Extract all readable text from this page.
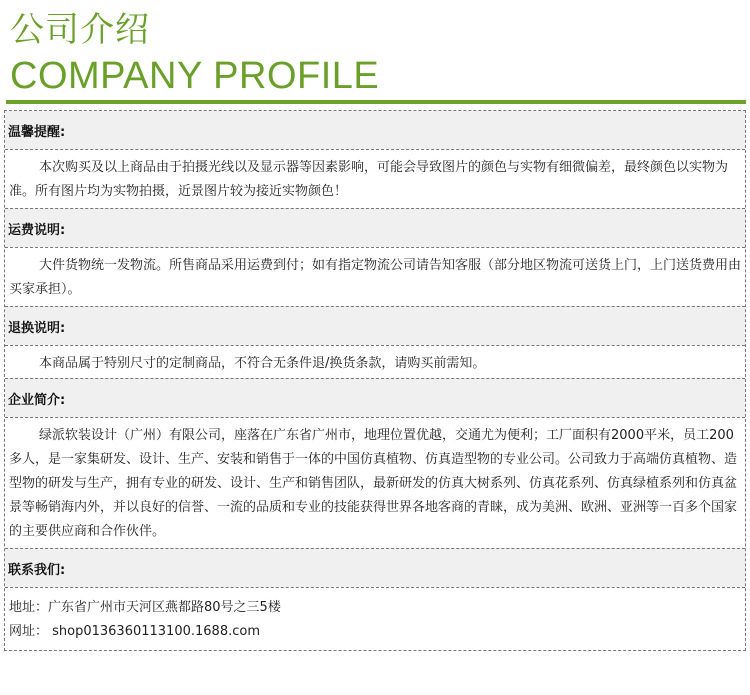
公司介绍
COMPANY PROFILE
温馨提醒:
本次购买及以上商品由于拍摄光线以及显示器等因素影响，可能会导致图片的颜色与实物有细微偏差，最终颜色以实物为准。所有图片均为实物拍摄，近景图片较为接近实物颜色！
运费说明:
大件货物统一发物流。所售商品采用运费到付；如有指定物流公司请告知客服（部分地区物流可送货上门，上门送货费用由买家承担）。
退换说明:
本商品属于特别尺寸的定制商品，不符合无条件退/换货条款，请购买前需知。
企业简介:
绿派软装设计（广州）有限公司，座落在广东省广州市，地理位置优越，交通尤为便利；工厂面积有2000平米，员工200多人，是一家集研发、设计、生产、安装和销售于一体的中国仿真植物、仿真造型物的专业公司。公司致力于高端仿真植物、造型物的研发与生产，拥有专业的研发、设计、生产和销售团队，最新研发的仿真大树系列、仿真花系列、仿真绿植系列和仿真盆景等畅销海内外，并以良好的信誉、一流的品质和专业的技能获得世界各地客商的青睐，成为美洲、欧洲、亚洲等一百多个国家的主要供应商和合作伙伴。
联系我们:
地址：广东省广州市天河区燕都路80号之三5楼
网址： shop0136360113100.1688.com
